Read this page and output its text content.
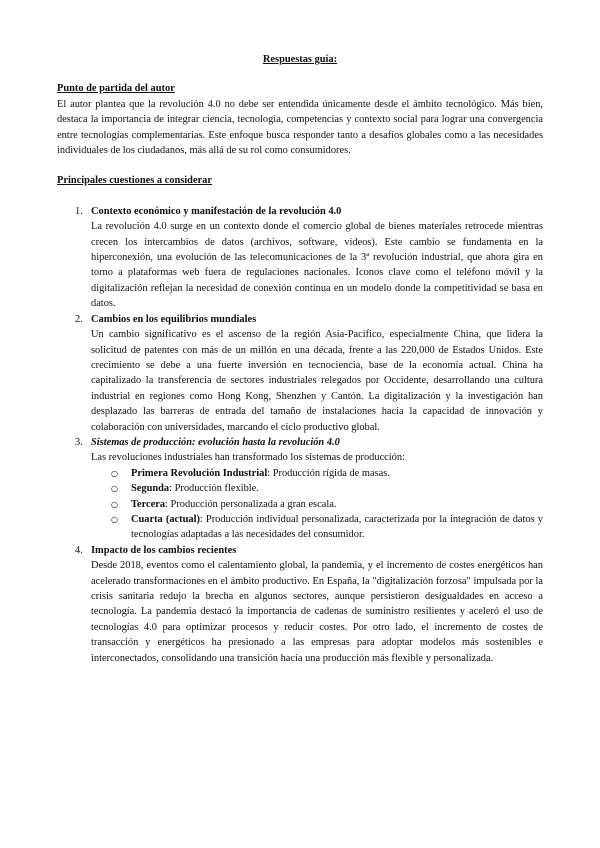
Respuestas guía:
Punto de partida del autor

El autor plantea que la revolución 4.0 no debe ser entendida únicamente desde el ámbito tecnológico. Más bien, destaca la importancia de integrar ciencia, tecnología, competencias y contexto social para lograr una convergencia entre tecnologías complementarias. Este enfoque busca responder tanto a desafíos globales como a las necesidades individuales de los ciudadanos, más allá de su rol como consumidores.

Principales cuestiones a considerar
1. Contexto económico y manifestación de la revolución 4.0

La revolución 4.0 surge en un contexto donde el comercio global de bienes materiales retrocede mientras crecen los intercambios de datos (archivos, software, videos). Este cambio se fundamenta en la hiperconexión, una evolución de las telecomunicaciones de la 3ª revolución industrial, que ahora gira en torno a plataformas web fuera de regulaciones nacionales. Iconos clave como el teléfono móvil y la digitalización reflejan la necesidad de conexión continua en un modelo donde la competitividad se basa en datos.

2. Cambios en los equilibrios mundiales

Un cambio significativo es el ascenso de la región Asia-Pacífico, especialmente China, que lidera la solicitud de patentes con más de un millón en una década, frente a las 220,000 de Estados Unidos. Este crecimiento se debe a una fuerte inversión en tecnociencia, base de la economía actual. China ha capitalizado la transferencia de sectores industriales relegados por Occidente, desarrollando una cultura industrial en regiones como Hong Kong, Shenzhen y Cantón. La digitalización y la investigación han desplazado las barreras de entrada del tamaño de instalaciones hacia la capacidad de innovación y colaboración con universidades, marcando el ciclo productivo global.

3. Sistemas de producción: evolución hasta la revolución 4.0

Las revoluciones industriales han transformado los sistemas de producción:

○ Primera Revolución Industrial: Producción rígida de masas.
○ Segunda: Producción flexible.
○ Tercera: Producción personalizada a gran escala.
○ Cuarta (actual): Producción individual personalizada, caracterizada por la integración de datos y tecnologías adaptadas a las necesidades del consumidor.
4. Impacto de los cambios recientes

Desde 2018, eventos como el calentamiento global, la pandemia, y el incremento de costes energéticos han acelerado transformaciones en el ámbito productivo. En España, la "digitalización forzosa" impulsada por la crisis sanitaria redujo la brecha en algunos sectores, aunque persistieron desigualdades en acceso a tecnología. La pandemia destacó la importancia de cadenas de suministro resilientes y aceleró el uso de tecnologías 4.0 para optimizar procesos y reducir costes. Por otro lado, el incremento de costes de transacción y energéticos ha presionado a las empresas para adoptar modelos más sostenibles e interconectados, consolidando una transición hacia una producción más flexible y personalizada.
